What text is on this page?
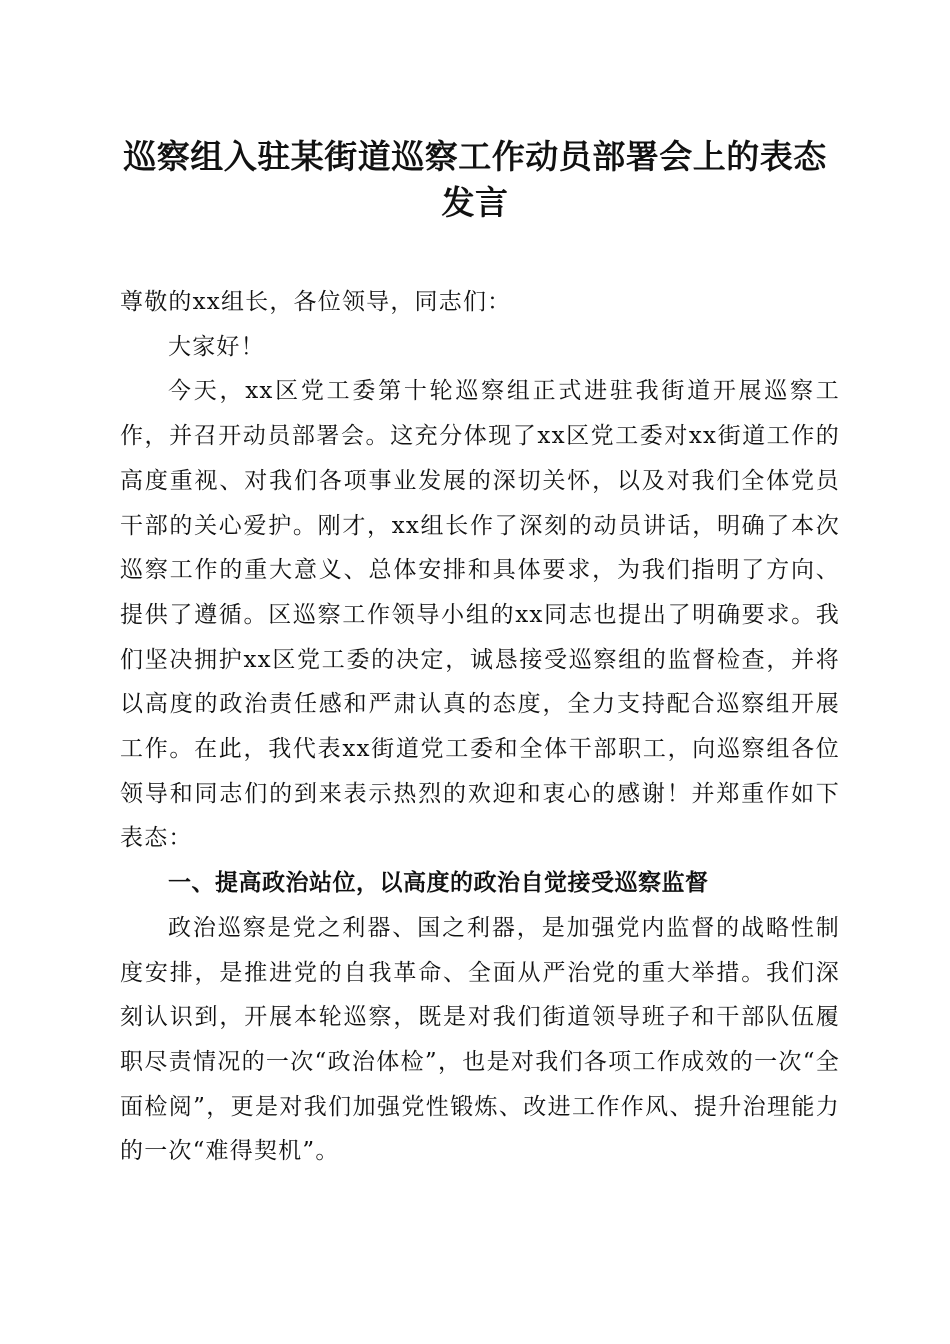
巡察组入驻某街道巡察工作动员部署会上的表态发言

尊敬的xx组长，各位领导，同志们：

大家好！

今天，xx区党工委第十轮巡察组正式进驻我街道开展巡察工作，并召开动员部署会。这充分体现了xx区党工委对xx街道工作的高度重视、对我们各项事业发展的深切关怀，以及对我们全体党员干部的关心爱护。刚才，xx组长作了深刻的动员讲话，明确了本次巡察工作的重大意义、总体安排和具体要求，为我们指明了方向、提供了遵循。区巡察工作领导小组的xx同志也提出了明确要求。我们坚决拥护xx区党工委的决定，诚恳接受巡察组的监督检查，并将以高度的政治责任感和严肃认真的态度，全力支持配合巡察组开展工作。在此，我代表xx街道党工委和全体干部职工，向巡察组各位领导和同志们的到来表示热烈的欢迎和衷心的感谢！并郑重作如下表态：

一、提高政治站位，以高度的政治自觉接受巡察监督

政治巡察是党之利器、国之利器，是加强党内监督的战略性制度安排，是推进党的自我革命、全面从严治党的重大举措。我们深刻认识到，开展本轮巡察，既是对我们街道领导班子和干部队伍履职尽责情况的一次“政治体检”，也是对我们各项工作成效的一次“全面检阅”，更是对我们加强党性锻炼、改进工作作风、提升治理能力的一次“难得契机”。
